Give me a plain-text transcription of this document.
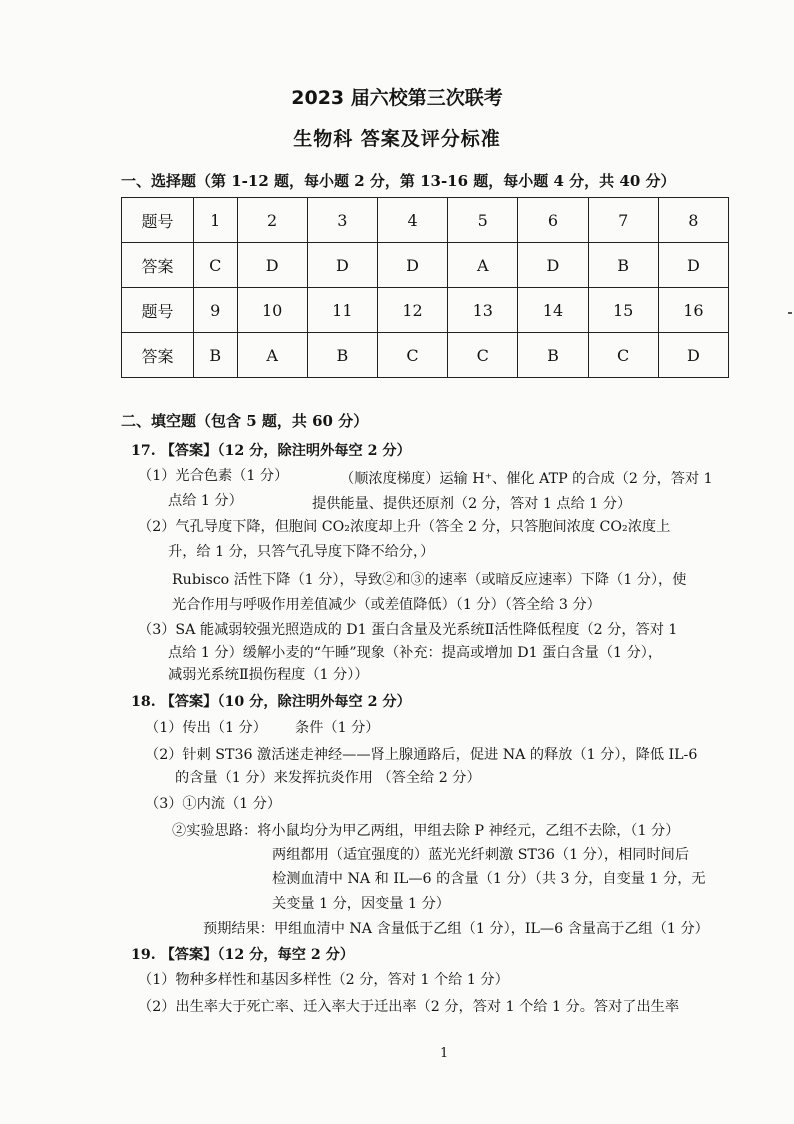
2023 届六校第三次联考
生物科 答案及评分标准
一、选择题（第 1-12 题，每小题 2 分，第 13-16 题，每小题 4 分，共 40 分）
题号	1	2	3	4	5	6	7	8
答案	C	D	D	D	A	D	B	D
题号	9	10	11	12	13	14	15	16
答案	B	A	B	C	C	B	C	D
二、填空题（包含 5 题，共 60 分）
17. 【答案】（12 分，除注明外每空 2 分）
（1）光合色素（1 分）	（顺浓度梯度）运输 H⁺、催化 ATP 的合成（2 分，答对 1
点给 1 分）	提供能量、提供还原剂（2 分，答对 1 点给 1 分）
（2）气孔导度下降，但胞间 CO₂浓度却上升（答全 2 分，只答胞间浓度 CO₂浓度上
升，给 1 分，只答气孔导度下降不给分，）
Rubisco 活性下降（1 分），导致②和③的速率（或暗反应速率）下降（1 分），使
光合作用与呼吸作用差值减少（或差值降低）（1 分）（答全给 3 分）
（3）SA 能减弱较强光照造成的 D1 蛋白含量及光系统Ⅱ活性降低程度（2 分，答对 1
点给 1 分）缓解小麦的“午睡”现象（补充：提高或增加 D1 蛋白含量（1 分），
减弱光系统Ⅱ损伤程度（1 分））
18. 【答案】（10 分，除注明外每空 2 分）
（1）传出（1 分） 条件（1 分）
（2）针刺 ST36 激活迷走神经——肾上腺通路后，促进 NA 的释放（1 分），降低 IL-6
的含量（1 分）来发挥抗炎作用 （答全给 2 分）
（3）①内流（1 分）
②实验思路：将小鼠均分为甲乙两组，甲组去除 P 神经元，乙组不去除，（1 分）
两组都用（适宜强度的）蓝光光纤刺激 ST36（1 分），相同时间后
检测血清中 NA 和 IL—6 的含量（1 分）（共 3 分，自变量 1 分，无
关变量 1 分，因变量 1 分）
预期结果：甲组血清中 NA 含量低于乙组（1 分），IL—6 含量高于乙组（1 分）
19. 【答案】（12 分，每空 2 分）
（1）物种多样性和基因多样性（2 分，答对 1 个给 1 分）
（2）出生率大于死亡率、迁入率大于迁出率（2 分，答对 1 个给 1 分。答对了出生率
1
